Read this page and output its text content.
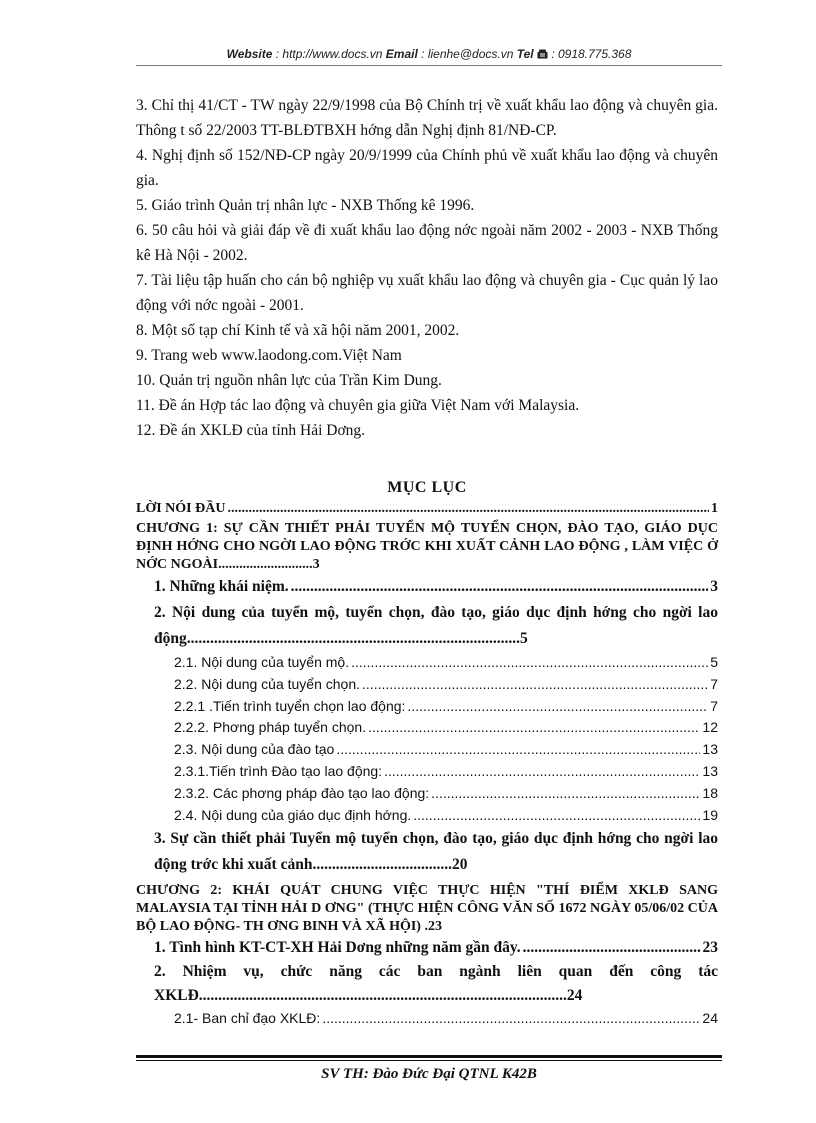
Website : http://www.docs.vn Email : lienhe@docs.vn Tel  : 0918.775.368

3. Chỉ thị 41/CT - TW ngày 22/9/1998 của Bộ Chính trị về xuất khẩu lao động và chuyên gia. Thông t số 22/2003 TT-BLĐTBXH hớng dẫn Nghị định 81/NĐ-CP.

4. Nghị định số 152/NĐ-CP ngày 20/9/1999 của Chính phủ về xuất khẩu lao động và chuyên gia.

5. Giáo trình Quản trị nhân lực - NXB Thống kê 1996.

6. 50 câu hỏi và giải đáp về đi xuất khẩu lao động nớc ngoài năm 2002 - 2003 - NXB Thống kê Hà Nội - 2002.

7. Tài liệu tập huấn cho cán bộ nghiệp vụ xuất khẩu lao động và chuyên gia - Cục quản lý lao động với nớc ngoài - 2001.

8. Một số tạp chí Kinh tế và xã hội năm 2001, 2002.

9. Trang web www.laodong.com.Việt Nam

10. Quản trị nguồn nhân lực của Trần Kim Dung.

11. Đề án Hợp tác lao động và chuyên gia giữa Việt Nam với Malaysia.

12. Đề án XKLĐ của tỉnh Hải Dơng.

MỤC LỤC
LỜI NÓI ĐẦU .....	1
CHƯƠNG 1: SỰ CẦN THIẾT PHẢI TUYỂN MỘ TUYỂN CHỌN, ĐÀO TẠO, GIÁO DỤC ĐỊNH HỚNG CHO NGỜI LAO ĐỘNG TRỚC KHI XUẤT CẢNH LAO ĐỘNG , LÀM VIỆC Ở NỚC NGOÀI...........................3
1. Những khái niệm. .....	3
2. Nội dung của tuyển mộ, tuyển chọn, đào tạo, giáo dục định hớng cho ngời lao động......................................................................................5
2.1. Nội dung của tuyển mộ. .....	5
2.2. Nội dung của tuyển chọn. .....	7
2.2.1 .Tiến trình tuyển chọn lao động: .....	7
2.2.2. Phơng pháp tuyển chọn. .....	12
2.3. Nội dung của đào tạo .....	13
2.3.1.Tiến trình Đào tạo lao động: .....	13
2.3.2. Các phơng pháp đào tạo lao động: .....	18
2.4. Nội dung của giáo dục định hớng. .....	19
3. Sự cần thiết phải Tuyển mộ tuyển chọn, đào tạo, giáo dục định hớng cho ngời lao động trớc khi xuất cảnh....................................20
CHƯƠNG 2: KHÁI QUÁT CHUNG VIỆC THỰC HIỆN "THÍ ĐIỂM XKLĐ SANG MALAYSIA TẠI TỈNH HẢI D ƠNG" (THỰC HIỆN CÔNG VĂN SỐ 1672 NGÀY 05/06/02 CỦA BỘ LAO ĐỘNG- TH ƠNG BINH VÀ XÃ HỘI) .23
1. Tình hình KT-CT-XH Hải Dơng những năm gần đây. .....	23
2. Nhiệm vụ, chức năng các ban ngành liên quan đến công tác XKLĐ...............................................................................................24
2.1- Ban chỉ đạo XKLĐ: .....	24
SV TH: Đào Đức Đại QTNL K42B
